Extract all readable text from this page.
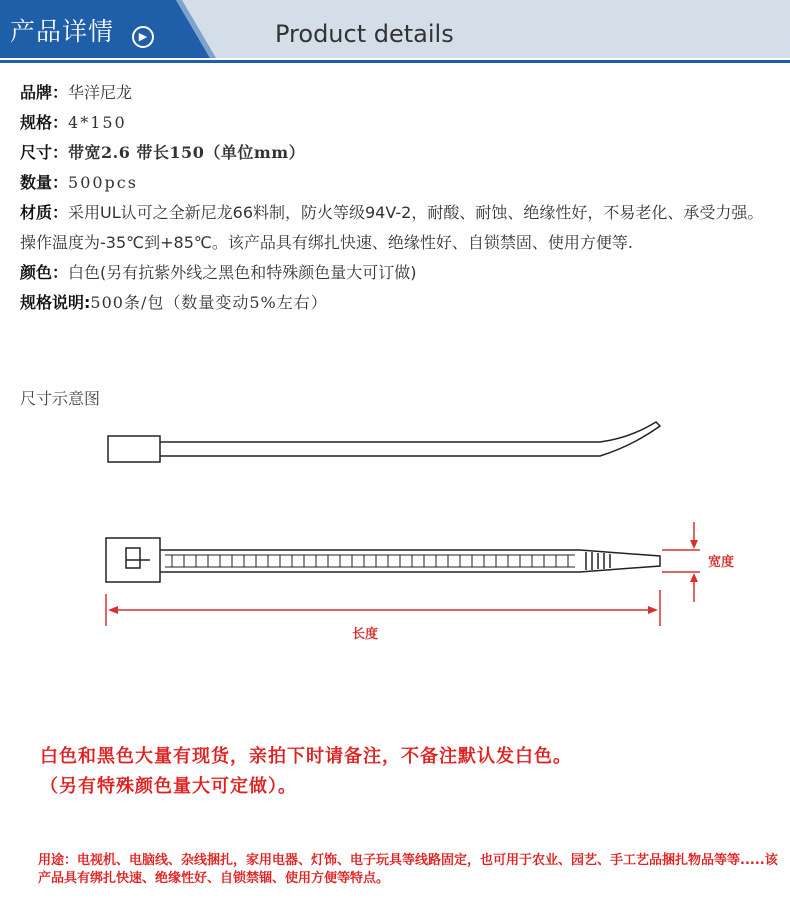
产品详情	▶	Product details
品牌：华洋尼龙
规格：4*150
尺寸：带宽2.6 带长150（单位mm）
数量：500pcs
材质：采用UL认可之全新尼龙66料制，防火等级94V-2，耐酸、耐蚀、绝缘性好，不易老化、承受力强。操作温度为-35℃到+85℃。该产品具有绑扎快速、绝缘性好、自锁禁固、使用方便等.
颜色：白色(另有抗紫外线之黑色和特殊颜色量大可订做)
规格说明:500条/包（数量变动5%左右）
尺寸示意图
宽度
长度
白色和黑色大量有现货，亲拍下时请备注，不备注默认发白色。
（另有特殊颜色量大可定做）。
用途：电视机、电脑线、杂线捆扎，家用电器、灯饰、电子玩具等线路固定，也可用于农业、园艺、手工艺品捆扎物品等等.....该产品具有绑扎快速、绝缘性好、自锁禁锢、使用方便等特点。
